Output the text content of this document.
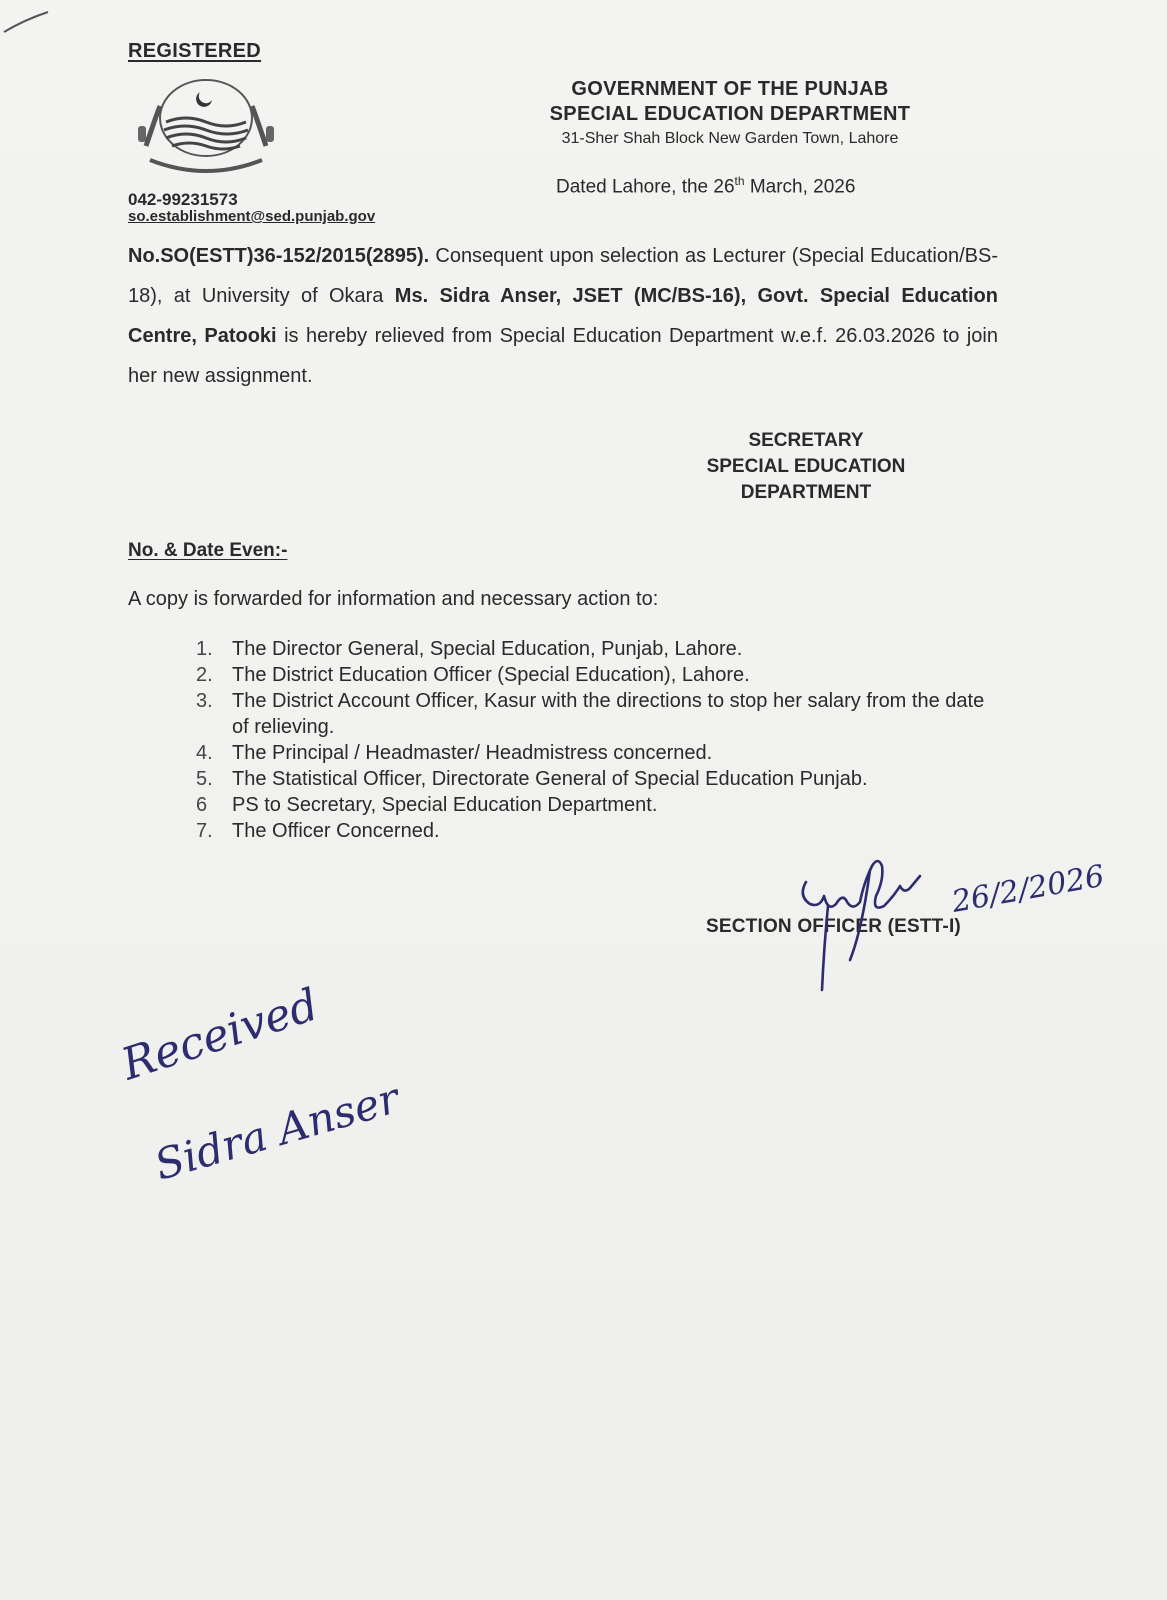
REGISTERED
GOVERNMENT OF THE PUNJAB
SPECIAL EDUCATION DEPARTMENT
31-Sher Shah Block New Garden Town, Lahore
042-99231573
so.establishment@sed.punjab.gov
Dated Lahore, the 26th March, 2026
No.SO(ESTT)36-152/2015(2895). Consequent upon selection as Lecturer (Special Education/BS-18), at University of Okara Ms. Sidra Anser, JSET (MC/BS-16), Govt. Special Education Centre, Patooki is hereby relieved from Special Education Department w.e.f. 26.03.2026 to join her new assignment.
SECRETARY
SPECIAL EDUCATION
DEPARTMENT
No. & Date Even:-
A copy is forwarded for information and necessary action to:
1. The Director General, Special Education, Punjab, Lahore.
2. The District Education Officer (Special Education), Lahore.
3. The District Account Officer, Kasur with the directions to stop her salary from the date of relieving.
4. The Principal / Headmaster/ Headmistress concerned.
5. The Statistical Officer, Directorate General of Special Education Punjab.
6 PS to Secretary, Special Education Department.
7. The Officer Concerned.
SECTION OFFICER (ESTT-I)
26/2/2026
Received
Sidra Anser
